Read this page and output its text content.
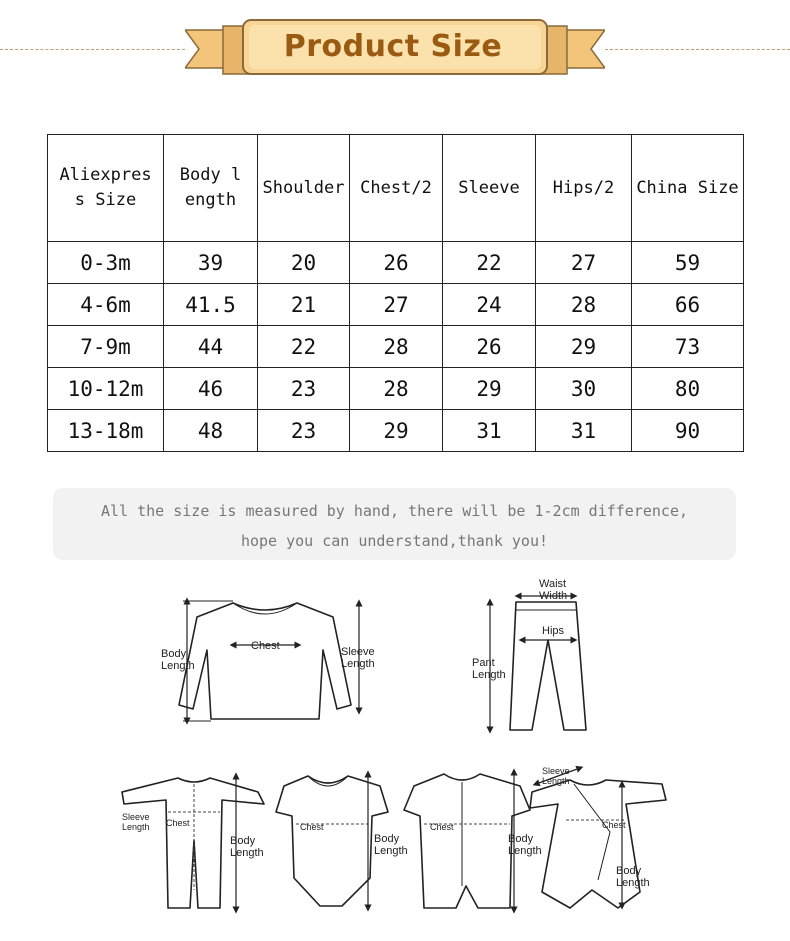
Product Size
Aliexpress Size	Body length	Shoulder	Chest/2	Sleeve	Hips/2	China Size
0-3m	39	20	26	22	27	59
4-6m	41.5	21	27	24	28	66
7-9m	44	22	28	26	29	73
10-12m	46	23	28	29	30	80
13-18m	48	23	29	31	31	90
All the size is measured by hand, there will be 1-2cm difference,
hope you can understand,thank you!
Body
Length
Chest	Sleeve
Length
Waist
Width
Hips
Pant
Length
Sleeve
Length Chest
Body
Length
Chest
Body
Length
Chest
Body
Length
Sleeve
Length
Chest
Body
Length
